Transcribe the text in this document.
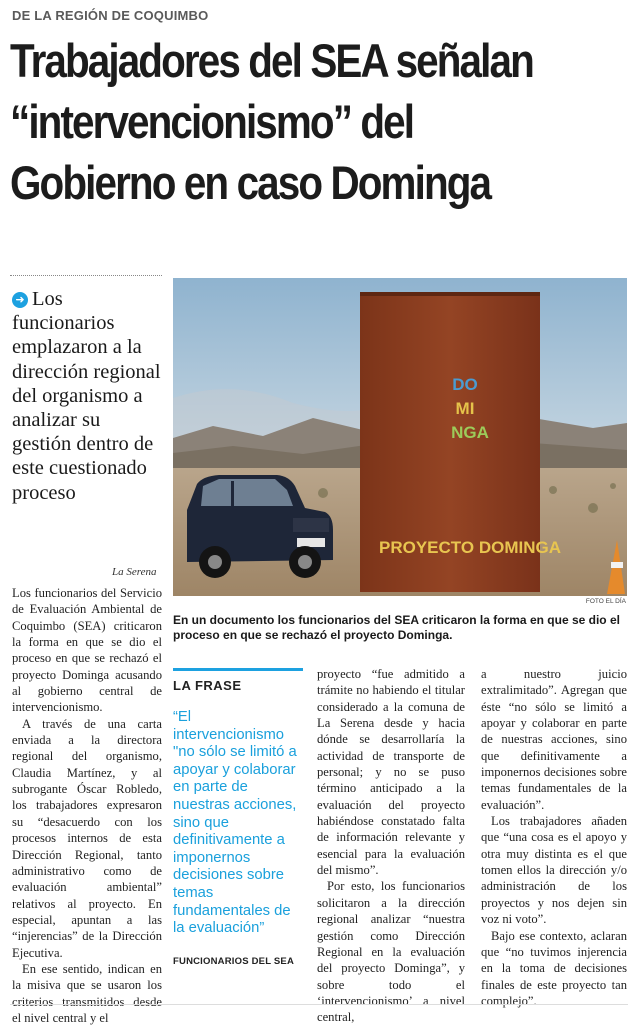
DE LA REGIÓN DE COQUIMBO
Trabajadores del SEA señalan
“intervencionismo” del
Gobierno en caso Dominga
➜ Los funcionarios emplazaron a la dirección regional del organismo a analizar su gestión dentro de este cuestionado proceso
La Serena

Los funcionarios del Servicio de Evaluación Ambiental de Coquimbo (SEA) criticaron la forma en que se dio el proceso en que se rechazó el proyecto Dominga acusando al gobierno central de intervencionismo.

A través de una carta enviada a la directora regional del organismo, Claudia Martínez, y al subrogante Óscar Robledo, los trabajadores expresaron su “desacuerdo con los procesos internos de esta Dirección Regional, tanto administrativo como de evaluación ambiental” relativos al proyecto. En especial, apuntan a las “injerencias” de la Dirección Ejecutiva.

En ese sentido, indican en la misiva que se usaron los criterios transmitidos desde el nivel central y el

DO
MI
NGA
PROYECTO DOMINGA
FOTO EL DÍA
En un documento los funcionarios del SEA criticaron la forma en que se dio el proceso en que se rechazó el proyecto Dominga.
LA FRASE
“El intervencionismo "no sólo se limitó a apoyar y colaborar en parte de nuestras acciones, sino que definitivamente a imponernos decisiones sobre temas fundamentales de la evaluación”
FUNCIONARIOS DEL SEA

proyecto “fue admitido a trámite no habiendo el titular considerado a la comuna de La Serena desde y hacia dónde se desarrollaría la actividad de transporte de personal; y no se puso término anticipado a la evaluación del proyecto habiéndose constatado falta de información relevante y esencial para la evaluación del mismo”.

Por esto, los funcionarios solicitaron a la dirección regional analizar “nuestra gestión como Dirección Regional en la evaluación del proyecto Dominga”, y sobre todo el ‘intervencionismo’ a nivel central,

a nuestro juicio extralimitado”. Agregan que éste “no sólo se limitó a apoyar y colaborar en parte de nuestras acciones, sino que definitivamente a imponernos decisiones sobre temas fundamentales de la evaluación”.

Los trabajadores añaden que “una cosa es el apoyo y otra muy distinta es el que tomen ellos la dirección y/o administración de los proyectos y nos dejen sin voz ni voto”.

Bajo ese contexto, aclaran que “no tuvimos injerencia en la toma de decisiones finales de este proyecto tan complejo”.
